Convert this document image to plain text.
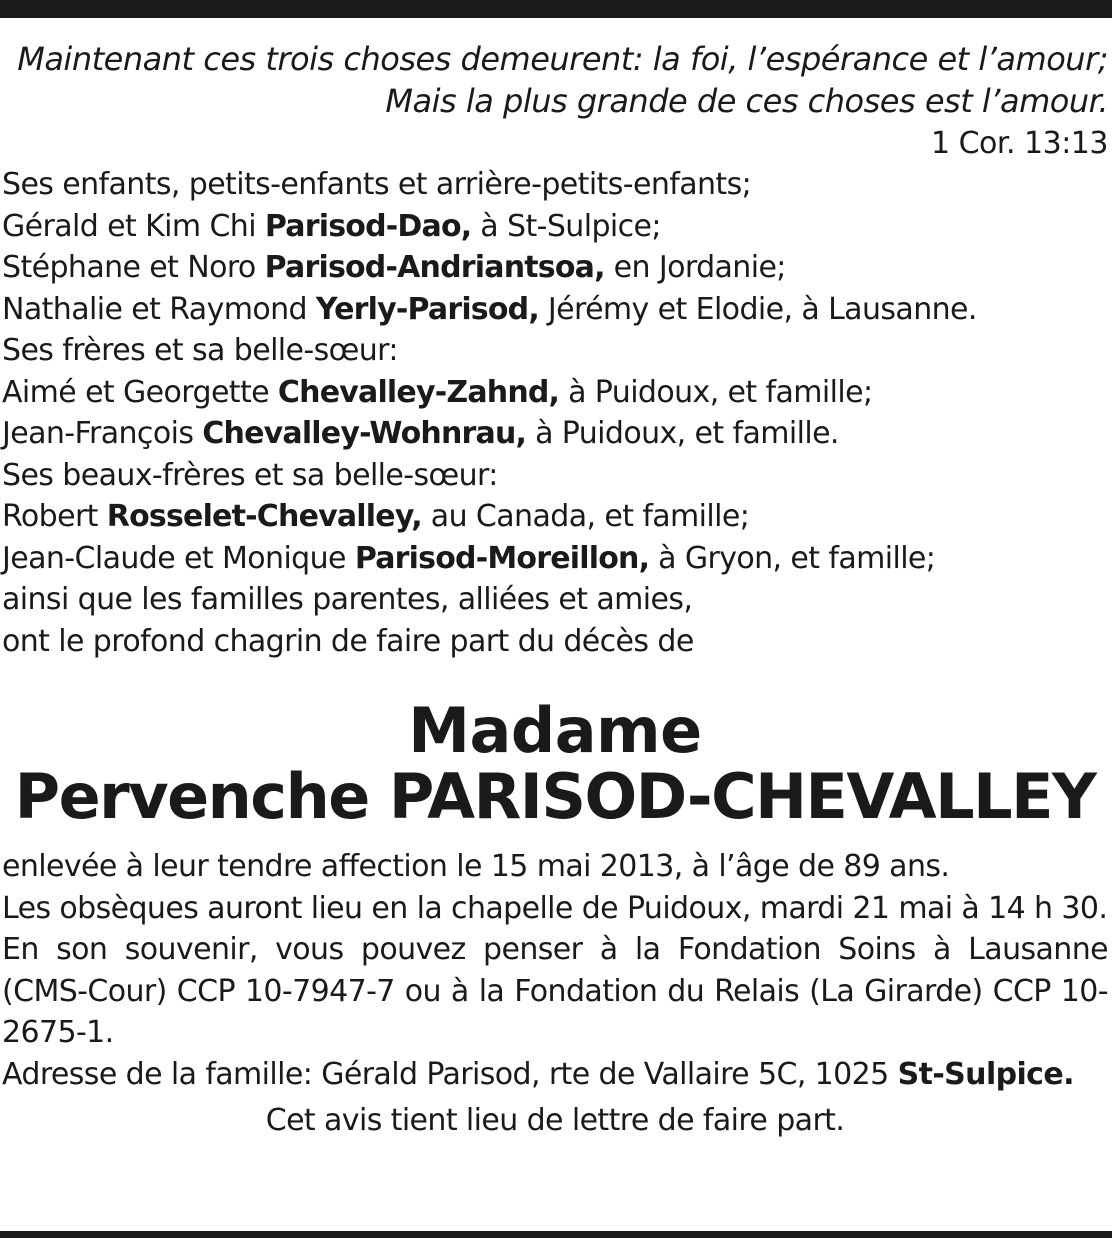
Maintenant ces trois choses demeurent: la foi, l’espérance et l’amour;
Mais la plus grande de ces choses est l’amour.
1 Cor. 13:13
Ses enfants, petits-enfants et arrière-petits-enfants;
Gérald et Kim Chi Parisod-Dao, à St-Sulpice;
Stéphane et Noro Parisod-Andriantsoa, en Jordanie;
Nathalie et Raymond Yerly-Parisod, Jérémy et Elodie, à Lausanne.
Ses frères et sa belle-sœur:
Aimé et Georgette Chevalley-Zahnd, à Puidoux, et famille;
Jean-François Chevalley-Wohnrau, à Puidoux, et famille.
Ses beaux-frères et sa belle-sœur:
Robert Rosselet-Chevalley, au Canada, et famille;
Jean-Claude et Monique Parisod-Moreillon, à Gryon, et famille;
ainsi que les familles parentes, alliées et amies,
ont le profond chagrin de faire part du décès de
Madame
Pervenche PARISOD-CHEVALLEY
enlevée à leur tendre affection le 15 mai 2013, à l’âge de 89 ans.
Les obsèques auront lieu en la chapelle de Puidoux, mardi 21 mai à 14 h 30.
En son souvenir, vous pouvez penser à la Fondation Soins à Lausanne (CMS-Cour) CCP 10-7947-7 ou à la Fondation du Relais (La Girarde) CCP 10-2675-1.
Adresse de la famille: Gérald Parisod, rte de Vallaire 5C, 1025 St-Sulpice.
Cet avis tient lieu de lettre de faire part.
